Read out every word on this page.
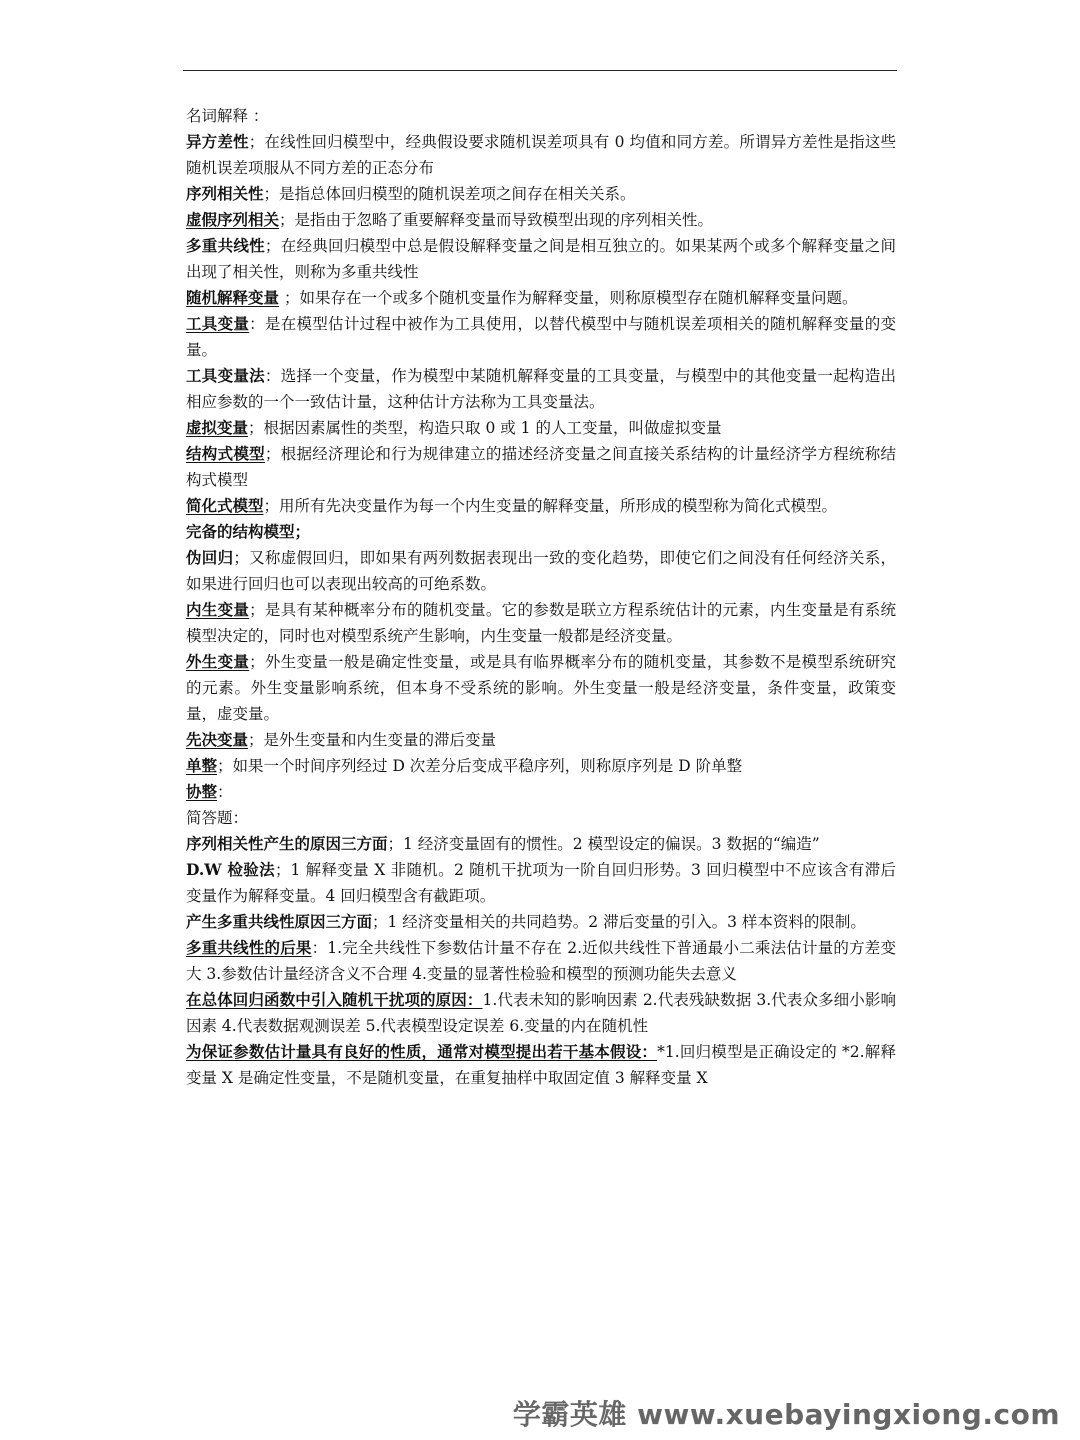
名词解释 ：

异方差性；在线性回归模型中，经典假设要求随机误差项具有 0 均值和同方差。所谓异方差性是指这些随机误差项服从不同方差的正态分布

序列相关性；是指总体回归模型的随机误差项之间存在相关关系。

虚假序列相关；是指由于忽略了重要解释变量而导致模型出现的序列相关性。

多重共线性；在经典回归模型中总是假设解释变量之间是相互独立的。如果某两个或多个解释变量之间出现了相关性，则称为多重共线性

随机解释变量 ；如果存在一个或多个随机变量作为解释变量，则称原模型存在随机解释变量问题。

工具变量：是在模型估计过程中被作为工具使用，以替代模型中与随机误差项相关的随机解释变量的变量。

工具变量法：选择一个变量，作为模型中某随机解释变量的工具变量，与模型中的其他变量一起构造出相应参数的一个一致估计量，这种估计方法称为工具变量法。

虚拟变量；根据因素属性的类型，构造只取 0 或 1 的人工变量，叫做虚拟变量

结构式模型；根据经济理论和行为规律建立的描述经济变量之间直接关系结构的计量经济学方程统称结构式模型

简化式模型；用所有先决变量作为每一个内生变量的解释变量，所形成的模型称为简化式模型。

完备的结构模型；

伪回归；又称虚假回归，即如果有两列数据表现出一致的变化趋势，即使它们之间没有任何经济关系，如果进行回归也可以表现出较高的可绝系数。

内生变量；是具有某种概率分布的随机变量。它的参数是联立方程系统估计的元素，内生变量是有系统模型决定的，同时也对模型系统产生影响，内生变量一般都是经济变量。

外生变量；外生变量一般是确定性变量，或是具有临界概率分布的随机变量，其参数不是模型系统研究的元素。外生变量影响系统，但本身不受系统的影响。外生变量一般是经济变量，条件变量，政策变量，虚变量。

先决变量；是外生变量和内生变量的滞后变量

单整；如果一个时间序列经过 D 次差分后变成平稳序列，则称原序列是 D 阶单整

协整：

简答题：

序列相关性产生的原因三方面；1 经济变量固有的惯性。2 模型设定的偏误。3 数据的“编造”

D.W 检验法；1 解释变量 X 非随机。2 随机干扰项为一阶自回归形势。3 回归模型中不应该含有滞后变量作为解释变量。4 回归模型含有截距项。

产生多重共线性原因三方面；1 经济变量相关的共同趋势。2 滞后变量的引入。3 样本资料的限制。

多重共线性的后果：1.完全共线性下参数估计量不存在 2.近似共线性下普通最小二乘法估计量的方差变大 3.参数估计量经济含义不合理 4.变量的显著性检验和模型的预测功能失去意义

在总体回归函数中引入随机干扰项的原因：1.代表未知的影响因素 2.代表残缺数据 3.代表众多细小影响因素 4.代表数据观测误差 5.代表模型设定误差 6.变量的内在随机性

为保证参数估计量具有良好的性质，通常对模型提出若干基本假设：*1.回归模型是正确设定的 *2.解释变量 X 是确定性变量，不是随机变量，在重复抽样中取固定值 3 解释变量 X

学霸英雄 www.xuebayingxiong.com
